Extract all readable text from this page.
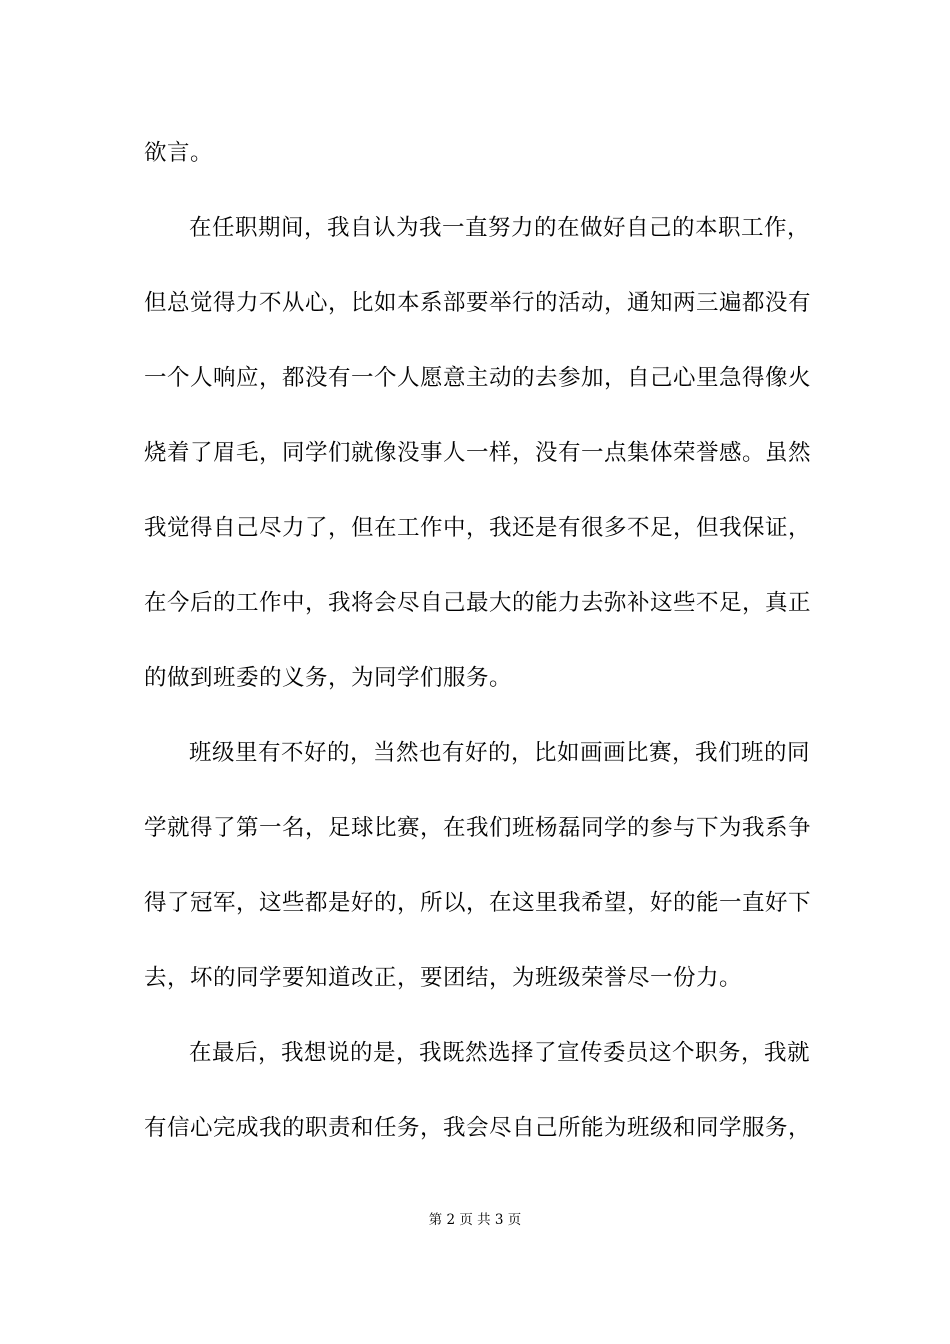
欲言。
在任职期间，我自认为我一直努力的在做好自己的本职工作，
但总觉得力不从心，比如本系部要举行的活动，通知两三遍都没有
一个人响应，都没有一个人愿意主动的去参加，自己心里急得像火
烧着了眉毛，同学们就像没事人一样，没有一点集体荣誉感。虽然
我觉得自己尽力了，但在工作中，我还是有很多不足，但我保证，
在今后的工作中，我将会尽自己最大的能力去弥补这些不足，真正
的做到班委的义务，为同学们服务。
班级里有不好的，当然也有好的，比如画画比赛，我们班的同
学就得了第一名，足球比赛，在我们班杨磊同学的参与下为我系争
得了冠军，这些都是好的，所以，在这里我希望，好的能一直好下
去，坏的同学要知道改正，要团结，为班级荣誉尽一份力。
在最后，我想说的是，我既然选择了宣传委员这个职务，我就
有信心完成我的职责和任务，我会尽自己所能为班级和同学服务，
第 2 页 共 3 页
